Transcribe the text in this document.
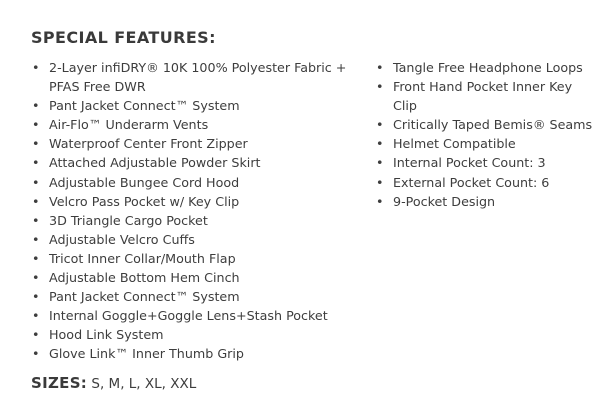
SPECIAL FEATURES:
• 2-Layer infiDRY® 10K 100% Polyester Fabric + PFAS Free DWR
• Pant Jacket Connect™ System
• Air-Flo™ Underarm Vents
• Waterproof Center Front Zipper
• Attached Adjustable Powder Skirt
• Adjustable Bungee Cord Hood
• Velcro Pass Pocket w/ Key Clip
• 3D Triangle Cargo Pocket
• Adjustable Velcro Cuffs
• Tricot Inner Collar/Mouth Flap
• Adjustable Bottom Hem Cinch
• Pant Jacket Connect™ System
• Internal Goggle+Goggle Lens+Stash Pocket
• Hood Link System
• Glove Link™ Inner Thumb Grip
• Tangle Free Headphone Loops
• Front Hand Pocket Inner Key Clip
• Critically Taped Bemis® Seams
• Helmet Compatible
• Internal Pocket Count: 3
• External Pocket Count: 6
• 9-Pocket Design
SIZES: S, M, L, XL, XXL
